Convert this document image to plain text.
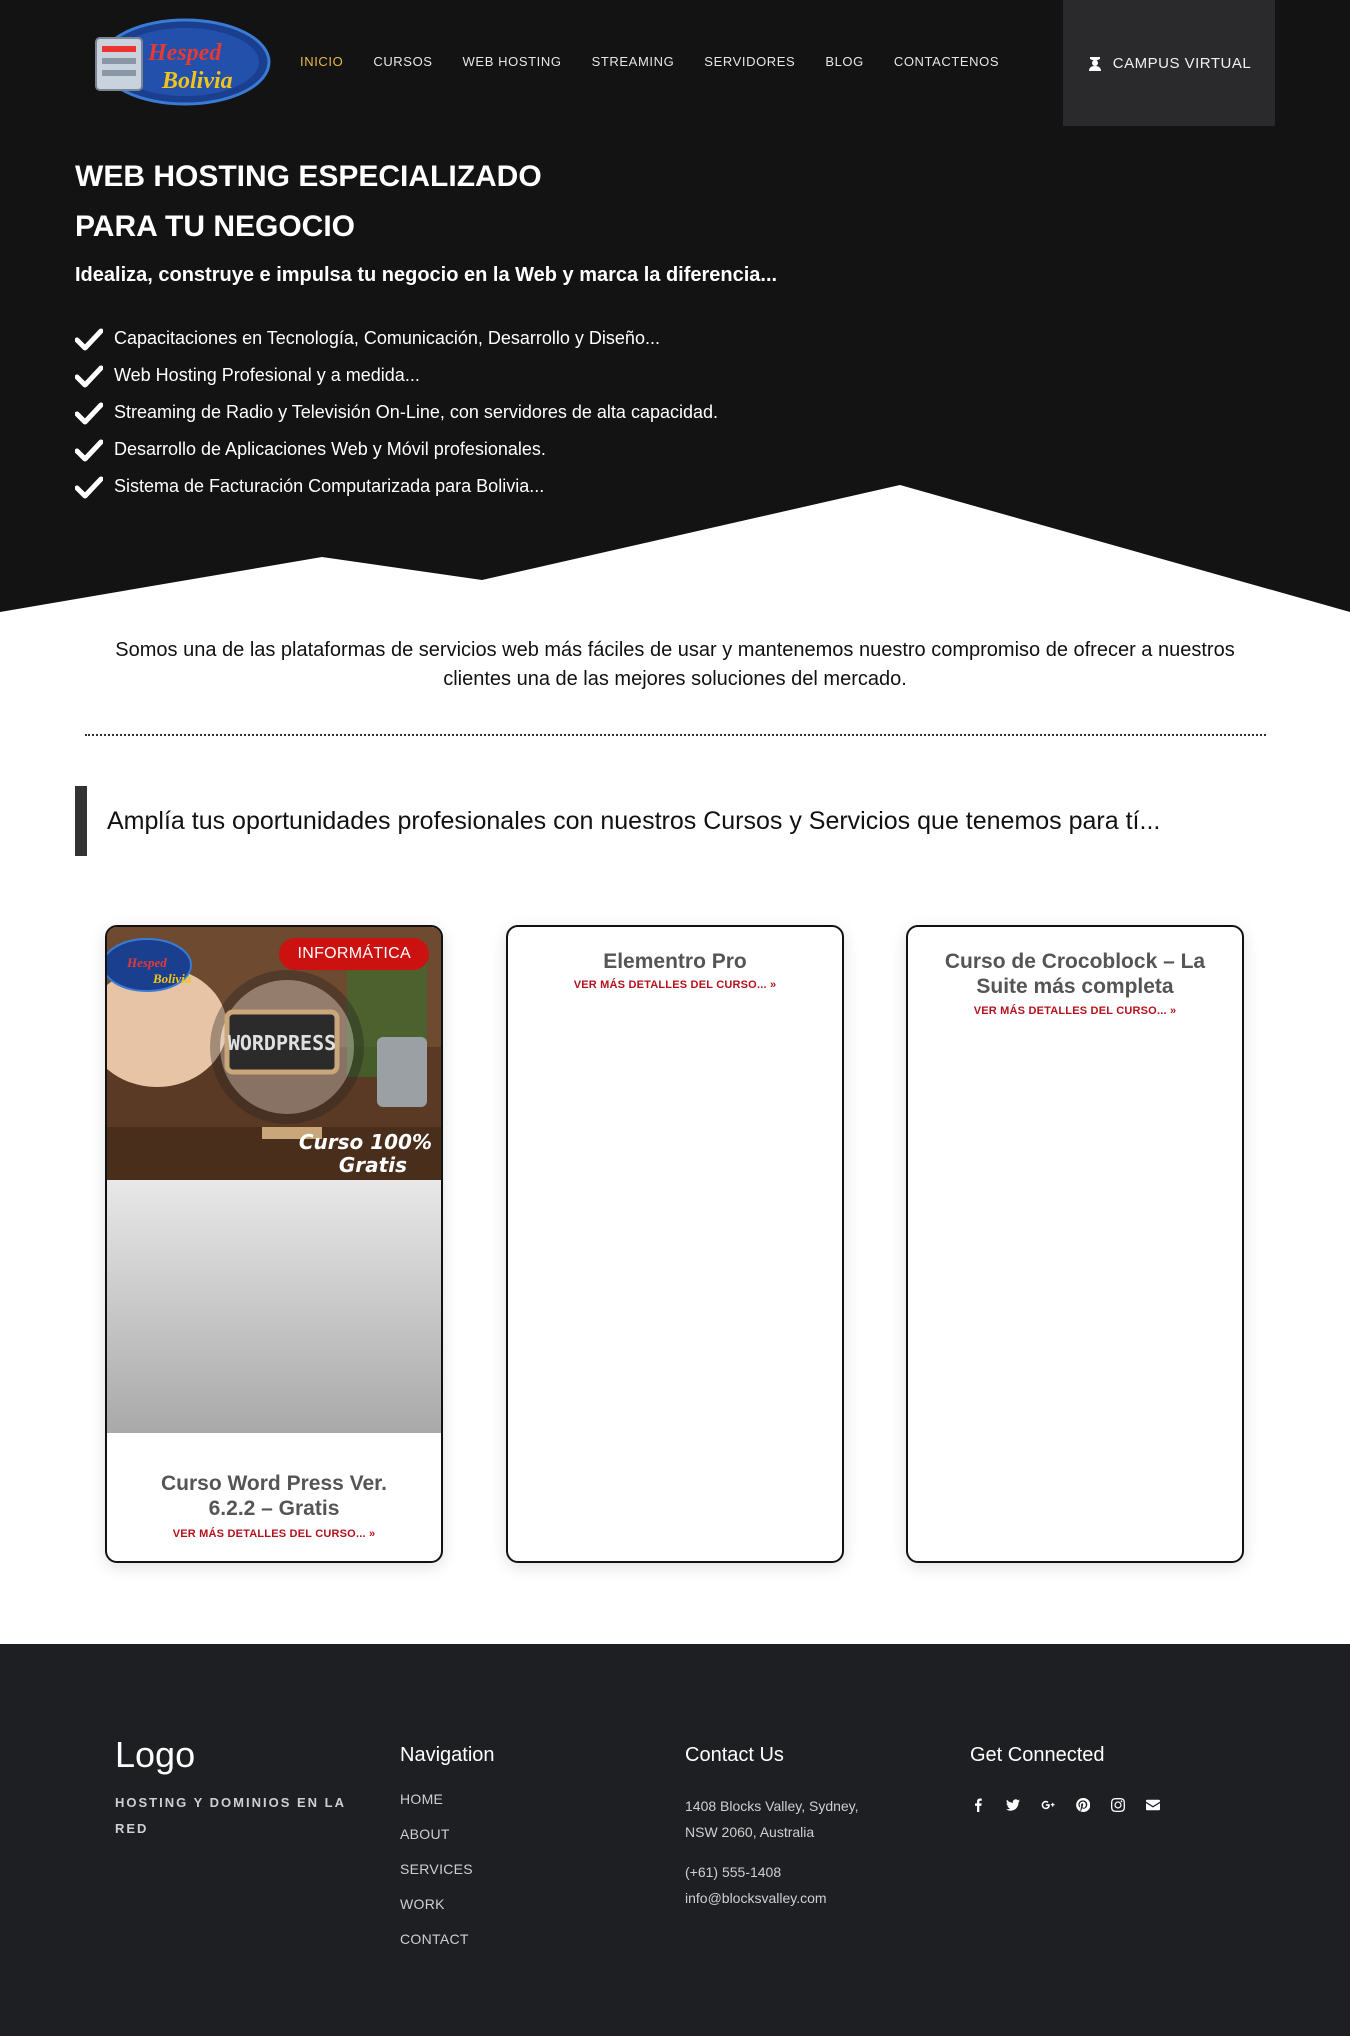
Hesped
Bolivia
INICIO CURSOS WEB HOSTING STREAMING SERVIDORES BLOG CONTACTENOS	CAMPUS VIRTUAL
WEB HOSTING ESPECIALIZADO
PARA TU NEGOCIO

Idealiza, construye e impulsa tu negocio en la Web y marca la diferencia...

Capacitaciones en Tecnología, Comunicación, Desarrollo y Diseño...
Web Hosting Profesional y a medida...
Streaming de Radio y Televisión On-Line, con servidores de alta capacidad.
Desarrollo de Aplicaciones Web y Móvil profesionales.
Sistema de Facturación Computarizada para Bolivia...

Somos una de las plataformas de servicios web más fáciles de usar y mantenemos nuestro compromiso de ofrecer a nuestros clientes una de las mejores soluciones del mercado.

Amplía tus oportunidades profesionales con nuestros Cursos y Servicios que tenemos para tí...
WORDPRESS
Curso 100%
Gratis
Hesped
Bolivia
INFORMÁTICA
Curso Word Press Ver.
6.2.2 – Gratis
VER MÁS DETALLES DEL CURSO... »
Elementro Pro
VER MÁS DETALLES DEL CURSO... »
Curso de Crocoblock – La
Suite más completa
VER MÁS DETALLES DEL CURSO... »
Logo
HOSTING Y DOMINIOS EN LA RED
Navigation
HOME
ABOUT
SERVICES
WORK
CONTACT
Contact Us

1408 Blocks Valley, Sydney,
NSW 2060, Australia

(+61) 555-1408
info@blocksvalley.com

Get Connected
